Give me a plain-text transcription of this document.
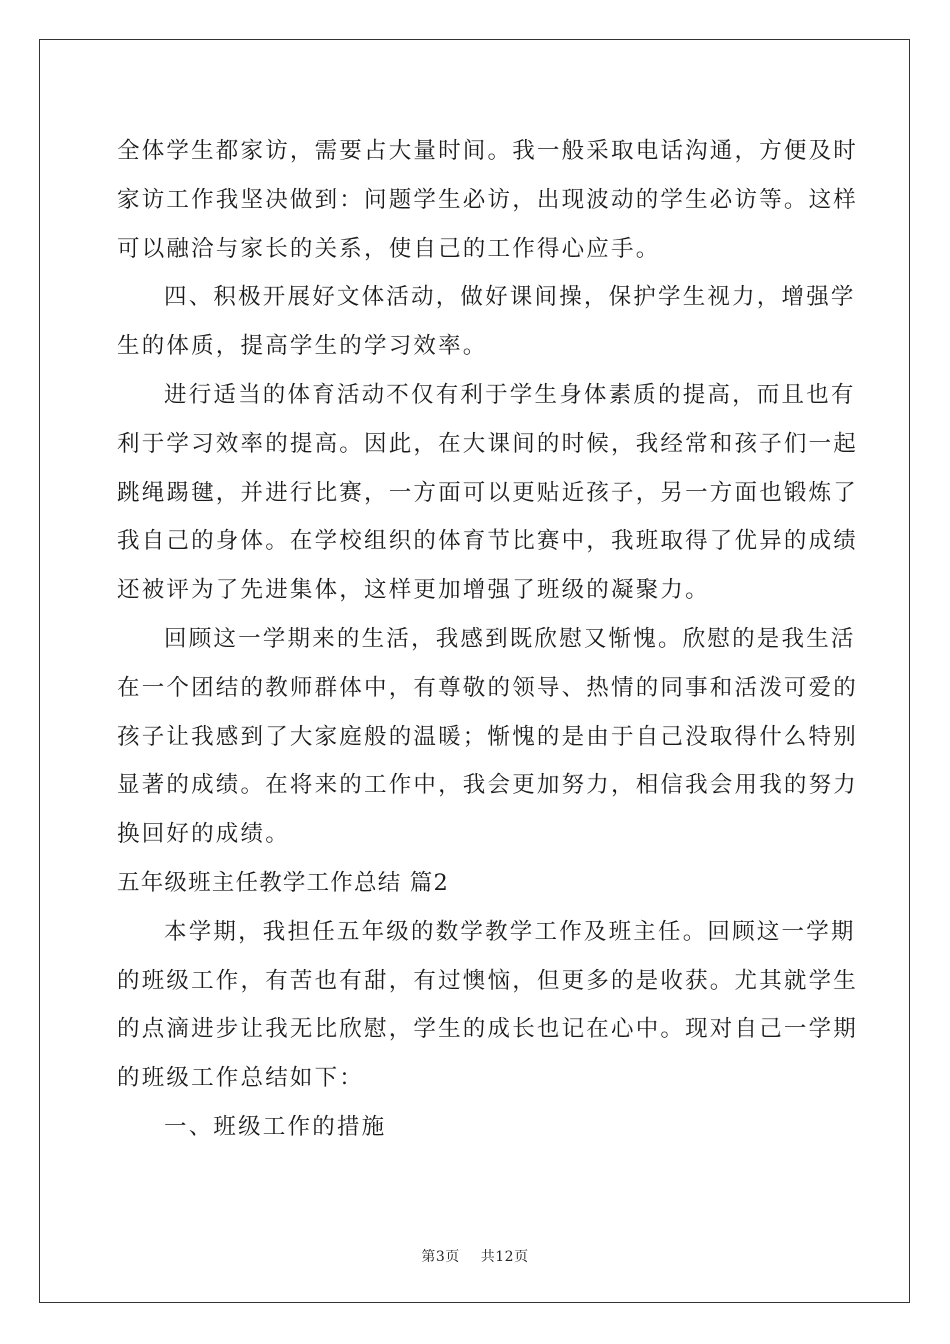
全体学生都家访，需要占大量时间。我一般采取电话沟通，方便及时
家访工作我坚决做到：问题学生必访，出现波动的学生必访等。这样
可以融洽与家长的关系，使自己的工作得心应手。
四、积极开展好文体活动，做好课间操，保护学生视力，增强学
生的体质，提高学生的学习效率。
进行适当的体育活动不仅有利于学生身体素质的提高，而且也有
利于学习效率的提高。因此，在大课间的时候，我经常和孩子们一起
跳绳踢毽，并进行比赛，一方面可以更贴近孩子，另一方面也锻炼了
我自己的身体。在学校组织的体育节比赛中，我班取得了优异的成绩
还被评为了先进集体，这样更加增强了班级的凝聚力。
回顾这一学期来的生活，我感到既欣慰又惭愧。欣慰的是我生活
在一个团结的教师群体中，有尊敬的领导、热情的同事和活泼可爱的
孩子让我感到了大家庭般的温暖；惭愧的是由于自己没取得什么特别
显著的成绩。在将来的工作中，我会更加努力，相信我会用我的努力
换回好的成绩。
五年级班主任教学工作总结 篇2
本学期，我担任五年级的数学教学工作及班主任。回顾这一学期
的班级工作，有苦也有甜，有过懊恼，但更多的是收获。尤其就学生
的点滴进步让我无比欣慰，学生的成长也记在心中。现对自己一学期
的班级工作总结如下：
一、班级工作的措施
第3页 共12页
